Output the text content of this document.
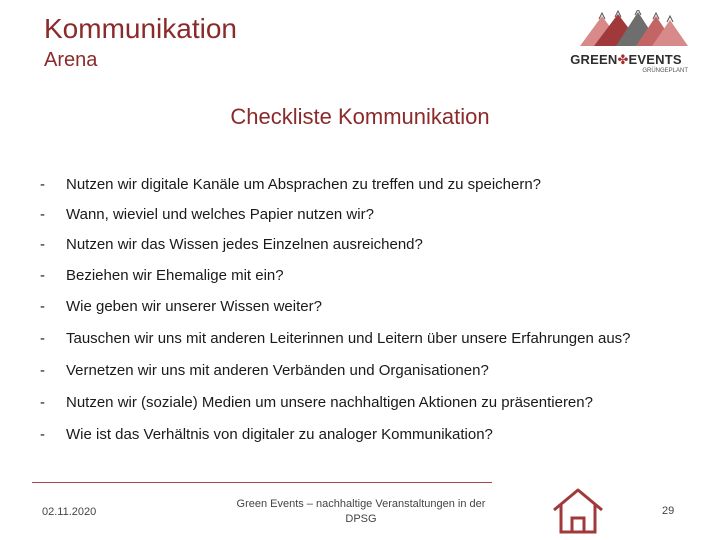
Kommunikation
Arena	GREEN✤EVENTS
GRÜNGEPLANT
Checkliste Kommunikation
-	Nutzen wir digitale Kanäle um Absprachen zu treffen und zu speichern?
-	Wann, wieviel und welches Papier nutzen wir?
-	Nutzen wir das Wissen jedes Einzelnen ausreichend?
-	Beziehen wir Ehemalige mit ein?
-	Wie geben wir unserer Wissen weiter?
-	Tauschen wir uns mit anderen Leiterinnen und Leitern über unsere Erfahrungen aus?
-	Vernetzen wir uns mit anderen Verbänden und Organisationen?
-	Nutzen wir (soziale) Medien um unsere nachhaltigen Aktionen zu präsentieren?
-	Wie ist das Verhältnis von digitaler zu analoger Kommunikation?
02.11.2020
Green Events – nachhaltige Veranstaltungen in der
DPSG
29
